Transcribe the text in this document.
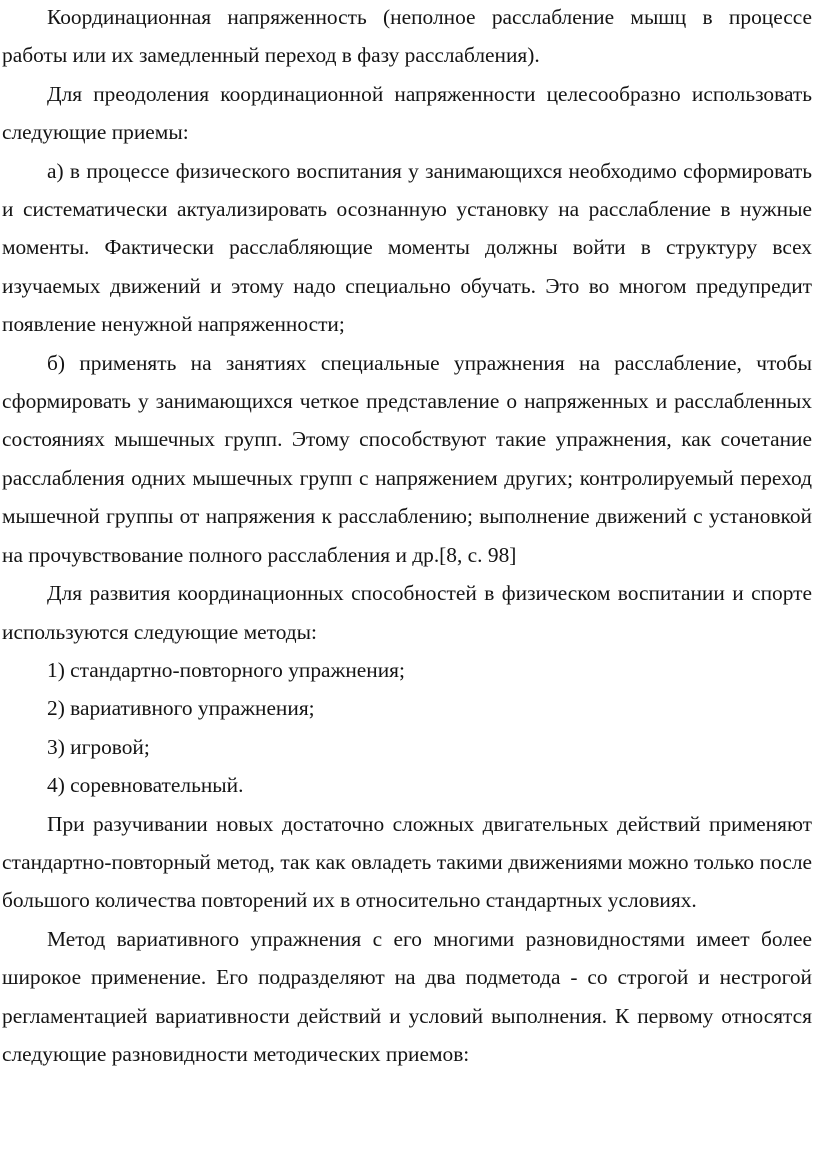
Координационная напряженность (неполное расслабление мышц в процессе работы или их замедленный переход в фазу расслабления).

Для преодоления координационной напряженности целесообразно использовать следующие приемы:

а) в процессе физического воспитания у занимающихся необходимо сформировать и систематически актуализировать осознанную установку на расслабление в нужные моменты. Фактически расслабляющие моменты должны войти в структуру всех изучаемых движений и этому надо специально обучать. Это во многом предупредит появление ненужной напряженности;

б) применять на занятиях специальные упражнения на расслабление, чтобы сформировать у занимающихся четкое представление о напряженных и расслабленных состояниях мышечных групп. Этому способствуют такие упражнения, как сочетание расслабления одних мышечных групп с напряжением других; контролируемый переход мышечной группы от напряжения к расслаблению; выполнение движений с установкой на прочувствование полного расслабления и др.[8, с. 98]

Для развития координационных способностей в физическом воспитании и спорте используются следующие методы:

1) стандартно-повторного упражнения;

2) вариативного упражнения;

3) игровой;

4) соревновательный.

При разучивании новых достаточно сложных двигательных действий применяют стандартно-повторный метод, так как овладеть такими движениями можно только после большого количества повторений их в относительно стандартных условиях.

Метод вариативного упражнения с его многими разновидностями имеет более широкое применение. Его подразделяют на два подметода - со строгой и нестрогой регламентацией вариативности действий и условий выполнения. К первому относятся следующие разновидности методических приемов:
